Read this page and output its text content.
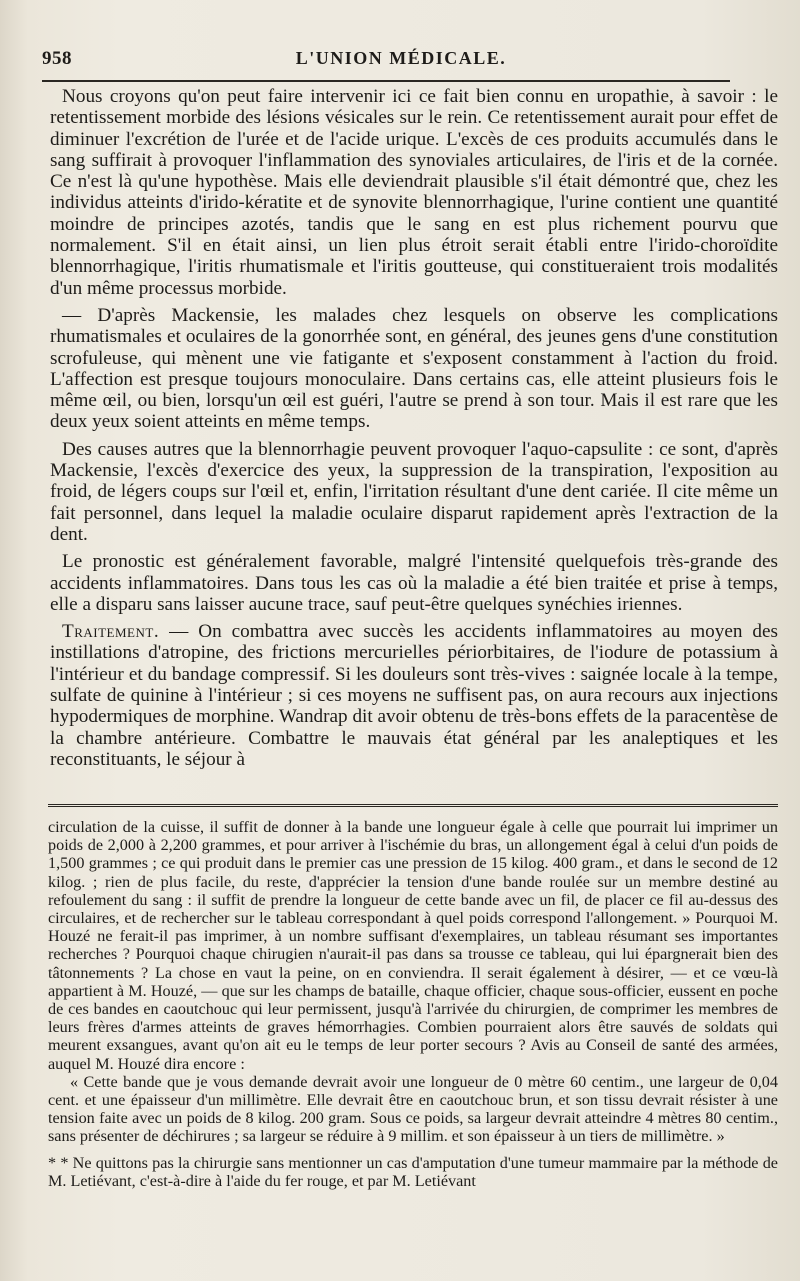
958	L'UNION MÉDICALE.

Nous croyons qu'on peut faire intervenir ici ce fait bien connu en uropathie, à savoir : le retentissement morbide des lésions vésicales sur le rein. Ce retentissement aurait pour effet de diminuer l'excrétion de l'urée et de l'acide urique. L'excès de ces produits accumulés dans le sang suffirait à provoquer l'inflammation des synoviales articulaires, de l'iris et de la cornée. Ce n'est là qu'une hypothèse. Mais elle deviendrait plausible s'il était démontré que, chez les individus atteints d'irido-kératite et de synovite blennorrhagique, l'urine contient une quantité moindre de principes azotés, tandis que le sang en est plus richement pourvu que normalement. S'il en était ainsi, un lien plus étroit serait établi entre l'irido-choroïdite blennorrhagique, l'iritis rhumatismale et l'iritis goutteuse, qui constitueraient trois modalités d'un même processus morbide.

— D'après Mackensie, les malades chez lesquels on observe les complications rhumatismales et oculaires de la gonorrhée sont, en général, des jeunes gens d'une constitution scrofuleuse, qui mènent une vie fatigante et s'exposent constamment à l'action du froid. L'affection est presque toujours monoculaire. Dans certains cas, elle atteint plusieurs fois le même œil, ou bien, lorsqu'un œil est guéri, l'autre se prend à son tour. Mais il est rare que les deux yeux soient atteints en même temps.

Des causes autres que la blennorrhagie peuvent provoquer l'aquo-capsulite : ce sont, d'après Mackensie, l'excès d'exercice des yeux, la suppression de la transpiration, l'exposition au froid, de légers coups sur l'œil et, enfin, l'irritation résultant d'une dent cariée. Il cite même un fait personnel, dans lequel la maladie oculaire disparut rapidement après l'extraction de la dent.

Le pronostic est généralement favorable, malgré l'intensité quelquefois très-grande des accidents inflammatoires. Dans tous les cas où la maladie a été bien traitée et prise à temps, elle a disparu sans laisser aucune trace, sauf peut-être quelques synéchies iriennes.

Traitement. — On combattra avec succès les accidents inflammatoires au moyen des instillations d'atropine, des frictions mercurielles périorbitaires, de l'iodure de potassium à l'intérieur et du bandage compressif. Si les douleurs sont très-vives : saignée locale à la tempe, sulfate de quinine à l'intérieur ; si ces moyens ne suffisent pas, on aura recours aux injections hypodermiques de morphine. Wandrap dit avoir obtenu de très-bons effets de la paracentèse de la chambre antérieure. Combattre le mauvais état général par les analeptiques et les reconstituants, le séjour à

circulation de la cuisse, il suffit de donner à la bande une longueur égale à celle que pourrait lui imprimer un poids de 2,000 à 2,200 grammes, et pour arriver à l'ischémie du bras, un allongement égal à celui d'un poids de 1,500 grammes ; ce qui produit dans le premier cas une pression de 15 kilog. 400 gram., et dans le second de 12 kilog. ; rien de plus facile, du reste, d'apprécier la tension d'une bande roulée sur un membre destiné au refoulement du sang : il suffit de prendre la longueur de cette bande avec un fil, de placer ce fil au-dessus des circulaires, et de rechercher sur le tableau correspondant à quel poids correspond l'allongement. » Pourquoi M. Houzé ne ferait-il pas imprimer, à un nombre suffisant d'exemplaires, un tableau résumant ses importantes recherches ? Pourquoi chaque chirugien n'aurait-il pas dans sa trousse ce tableau, qui lui épargnerait bien des tâtonnements ? La chose en vaut la peine, on en conviendra. Il serait également à désirer, — et ce vœu-là appartient à M. Houzé, — que sur les champs de bataille, chaque officier, chaque sous-officier, eussent en poche de ces bandes en caoutchouc qui leur permissent, jusqu'à l'arrivée du chirurgien, de comprimer les membres de leurs frères d'armes atteints de graves hémorrhagies. Combien pourraient alors être sauvés de soldats qui meurent exsangues, avant qu'on ait eu le temps de leur porter secours ? Avis au Conseil de santé des armées, auquel M. Houzé dira encore :

« Cette bande que je vous demande devrait avoir une longueur de 0 mètre 60 centim., une largeur de 0,04 cent. et une épaisseur d'un millimètre. Elle devrait être en caoutchouc brun, et son tissu devrait résister à une tension faite avec un poids de 8 kilog. 200 gram. Sous ce poids, sa largeur devrait atteindre 4 mètres 80 centim., sans présenter de déchirures ; sa largeur se réduire à 9 millim. et son épaisseur à un tiers de millimètre. »

* * Ne quittons pas la chirurgie sans mentionner un cas d'amputation d'une tumeur mammaire par la méthode de M. Letiévant, c'est-à-dire à l'aide du fer rouge, et par M. Letiévant
